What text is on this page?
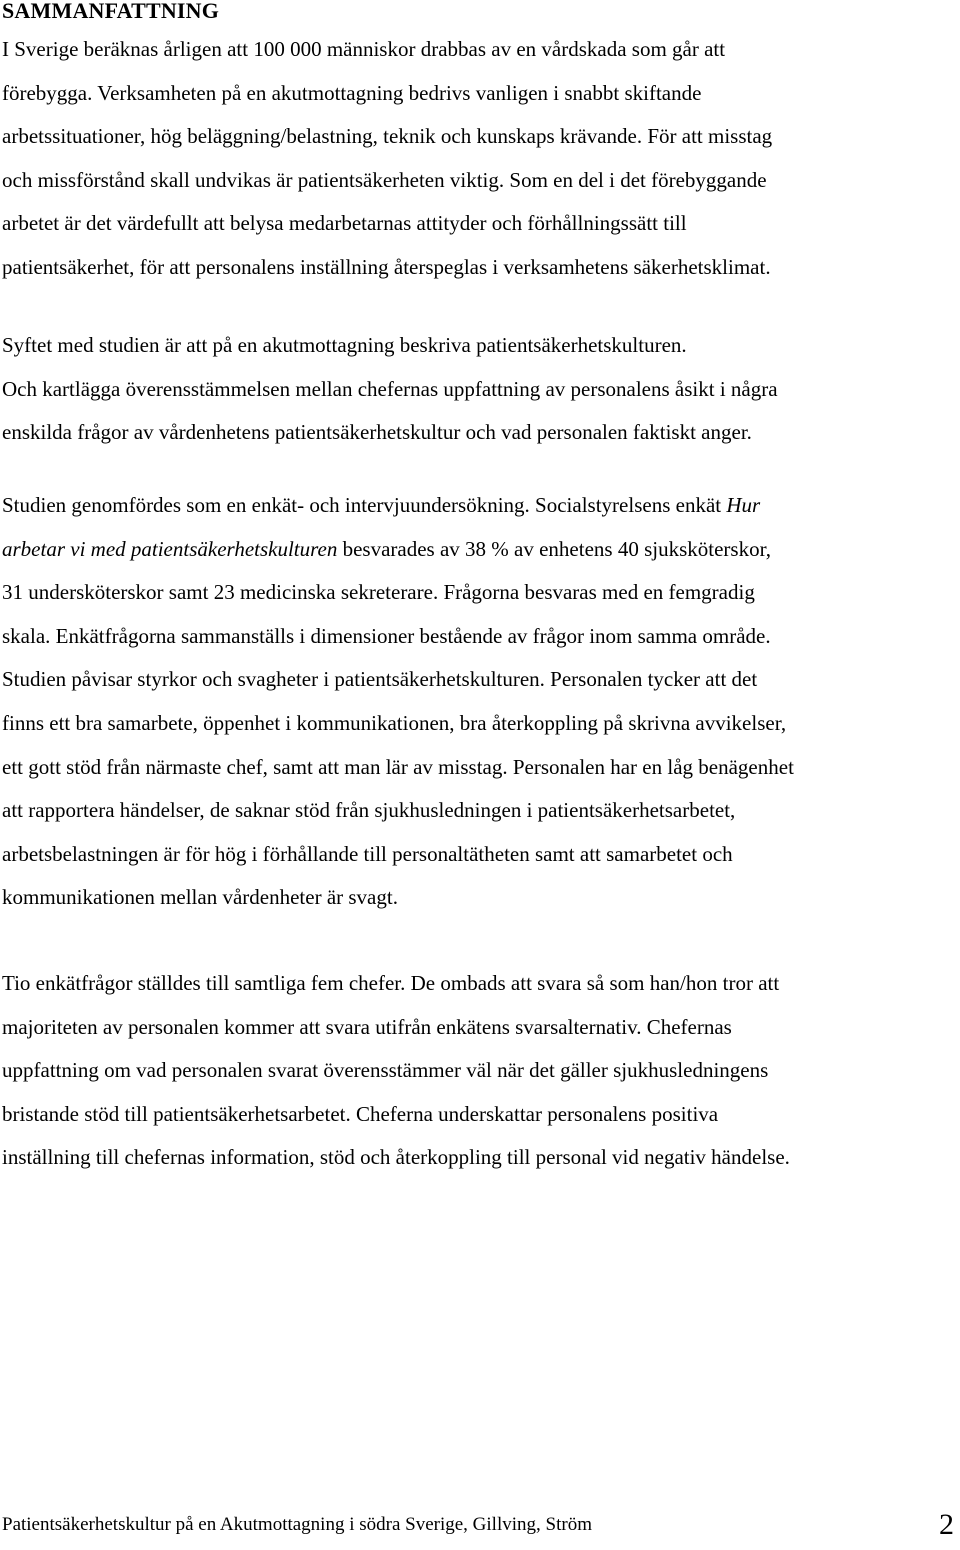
SAMMANFATTNING

I Sverige beräknas årligen att 100 000 människor drabbas av en vårdskada som går att
förebygga. Verksamheten på en akutmottagning bedrivs vanligen i snabbt skiftande
arbetssituationer, hög beläggning/belastning, teknik och kunskaps krävande. För att misstag
och missförstånd skall undvikas är patientsäkerheten viktig. Som en del i det förebyggande
arbetet är det värdefullt att belysa medarbetarnas attityder och förhållningssätt till
patientsäkerhet, för att personalens inställning återspeglas i verksamhetens säkerhetsklimat.

Syftet med studien är att på en akutmottagning beskriva patientsäkerhetskulturen.
Och kartlägga överensstämmelsen mellan chefernas uppfattning av personalens åsikt i några
enskilda frågor av vårdenhetens patientsäkerhetskultur och vad personalen faktiskt anger.

Studien genomfördes som en enkät- och intervjuundersökning. Socialstyrelsens enkät Hur
arbetar vi med patientsäkerhetskulturen besvarades av 38 % av enhetens 40 sjuksköterskor,
31 undersköterskor samt 23 medicinska sekreterare. Frågorna besvaras med en femgradig
skala. Enkätfrågorna sammanställs i dimensioner bestående av frågor inom samma område.
Studien påvisar styrkor och svagheter i patientsäkerhetskulturen. Personalen tycker att det
finns ett bra samarbete, öppenhet i kommunikationen, bra återkoppling på skrivna avvikelser,
ett gott stöd från närmaste chef, samt att man lär av misstag. Personalen har en låg benägenhet
att rapportera händelser, de saknar stöd från sjukhusledningen i patientsäkerhetsarbetet,
arbetsbelastningen är för hög i förhållande till personaltätheten samt att samarbetet och
kommunikationen mellan vårdenheter är svagt.

Tio enkätfrågor ställdes till samtliga fem chefer. De ombads att svara så som han/hon tror att
majoriteten av personalen kommer att svara utifrån enkätens svarsalternativ. Chefernas
uppfattning om vad personalen svarat överensstämmer väl när det gäller sjukhusledningens
bristande stöd till patientsäkerhetsarbetet. Cheferna underskattar personalens positiva
inställning till chefernas information, stöd och återkoppling till personal vid negativ händelse.

Patientsäkerhetskultur på en Akutmottagning i södra Sverige, Gillving, Ström	2
